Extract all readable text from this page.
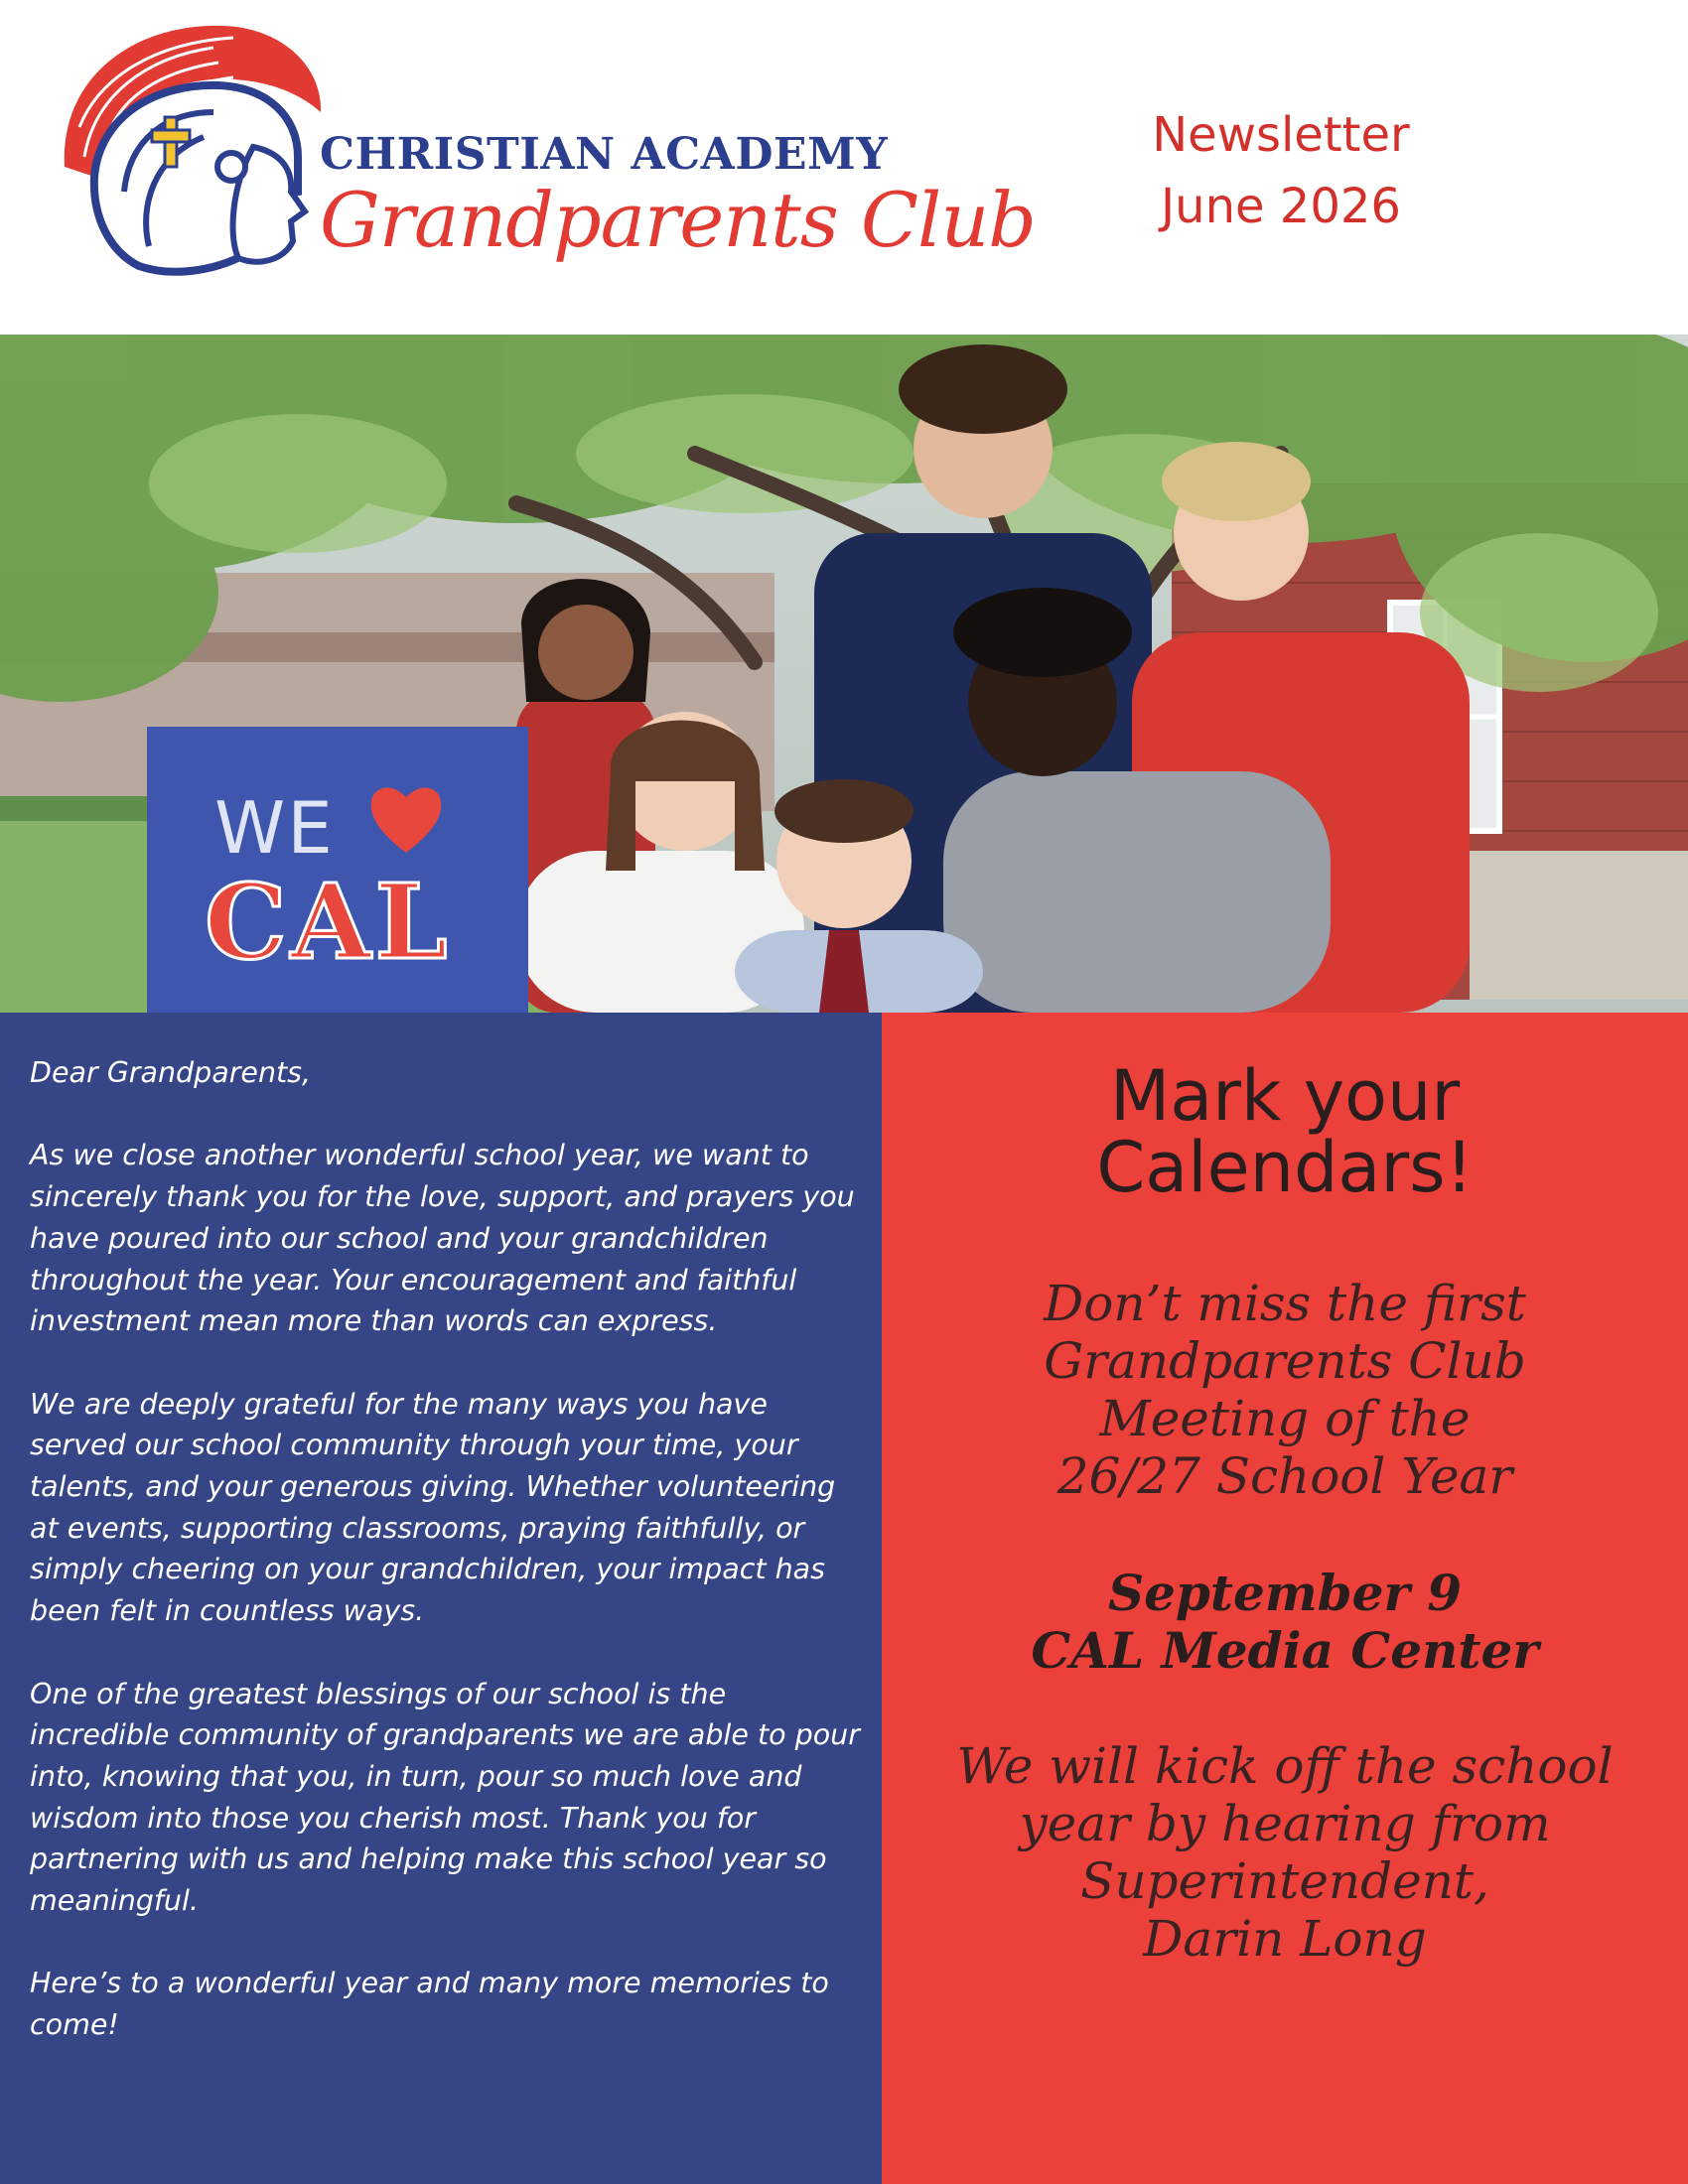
CHRISTIAN ACADEMY
Grandparents Club
Newsletter
June 2026
WE
CAL

Dear Grandparents,

As we close another wonderful school year, we want to sincerely thank you for the love, support, and prayers you have poured into our school and your grandchildren throughout the year. Your encouragement and faithful investment mean more than words can express.

We are deeply grateful for the many ways you have served our school community through your time, your talents, and your generous giving. Whether volunteering at events, supporting classrooms, praying faithfully, or simply cheering on your grandchildren, your impact has been felt in countless ways.

One of the greatest blessings of our school is the incredible community of grandparents we are able to pour into, knowing that you, in turn, pour so much love and wisdom into those you cherish most. Thank you for partnering with us and helping make this school year so meaningful.

Here’s to a wonderful year and many more memories to come!

Mark your
Calendars!
Don’t miss the first
Grandparents Club
Meeting of the
26/27 School Year
September 9
CAL Media Center
We will kick off the school
year by hearing from
Superintendent,
Darin Long
